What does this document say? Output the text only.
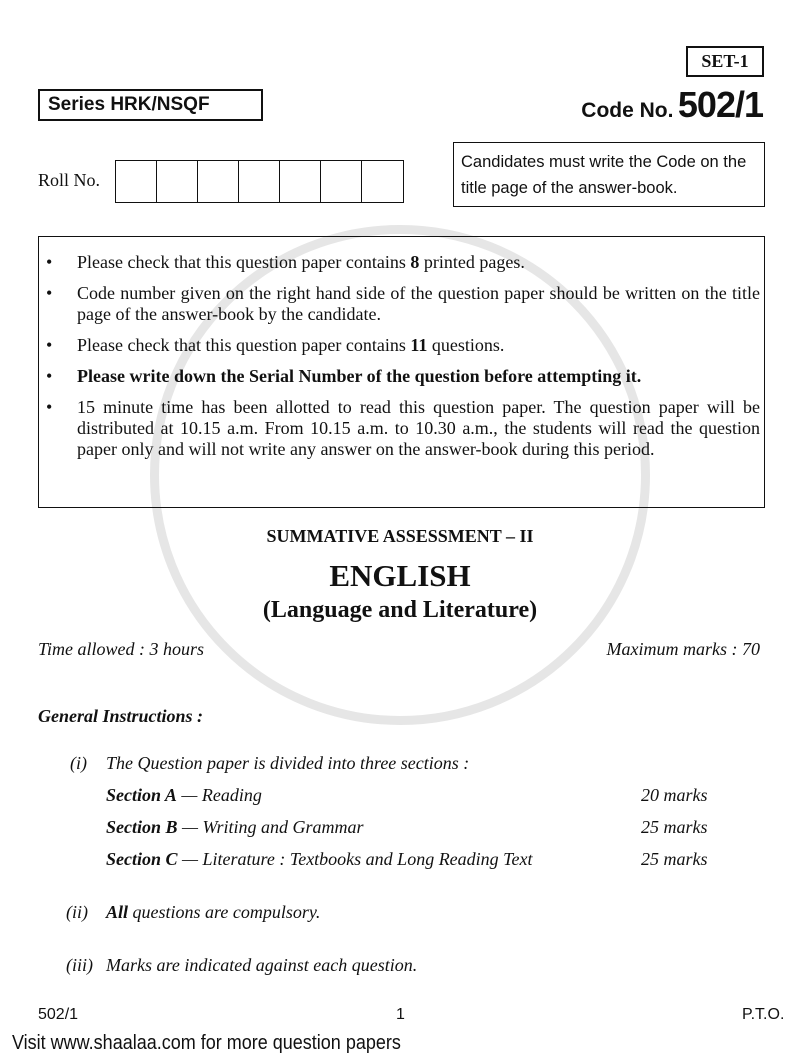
SET-1
Series HRK/NSQF	Code No. 502/1
Roll No.
Candidates must write the Code on the
title page of the answer-book.
• Please check that this question paper contains 8 printed pages.
• Code number given on the right hand side of the question paper should be written on the title page of the answer-book by the candidate.
• Please check that this question paper contains 11 questions.
• Please write down the Serial Number of the question before attempting it.
• 15 minute time has been allotted to read this question paper. The question paper will be distributed at 10.15 a.m. From 10.15 a.m. to 10.30 a.m., the students will read the question paper only and will not write any answer on the answer-book during this period.
SUMMATIVE ASSESSMENT – II
ENGLISH
(Language and Literature)
Time allowed : 3 hours	Maximum marks : 70
General Instructions :
(i) The Question paper is divided into three sections :
Section A — Reading	20 marks
Section B — Writing and Grammar	25 marks
Section C — Literature : Textbooks and Long Reading Text	25 marks
(ii) All questions are compulsory.
(iii) Marks are indicated against each question.
502/1	1	P.T.O.
Visit www.shaalaa.com for more question papers
